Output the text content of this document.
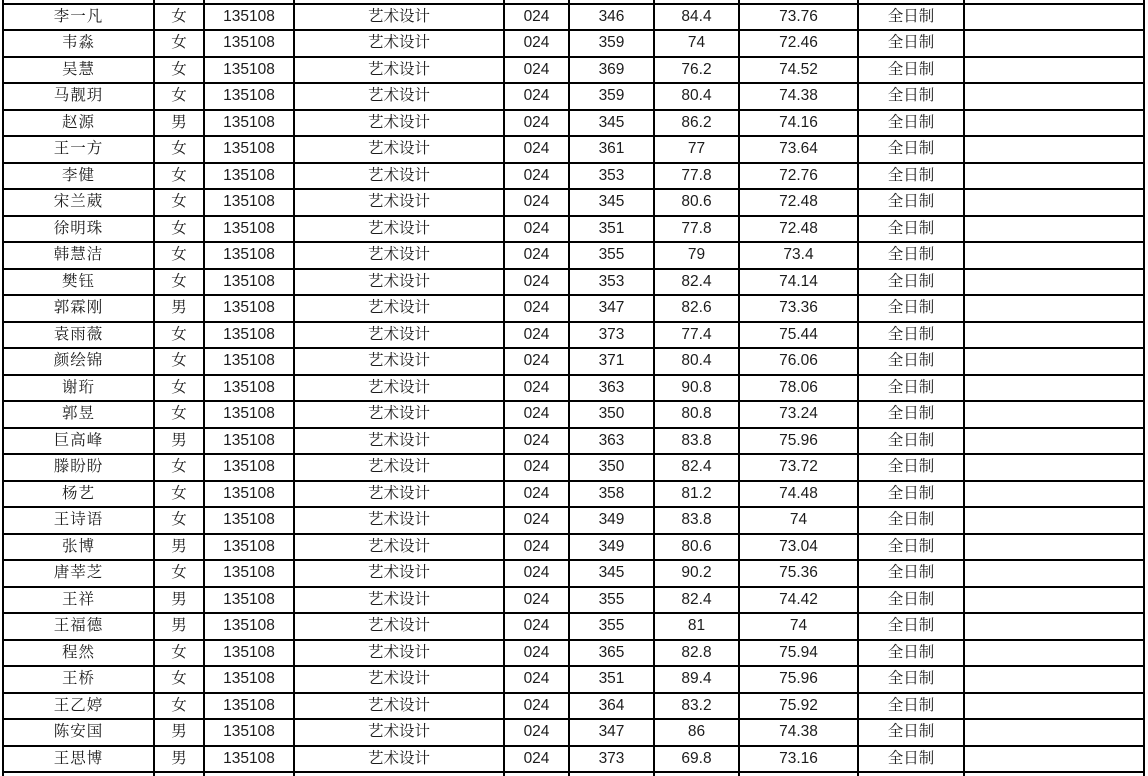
李一凡	女	135108	艺术设计	024	346	84.4	73.76	全日制	
韦淼	女	135108	艺术设计	024	359	74	72.46	全日制	
吴慧	女	135108	艺术设计	024	369	76.2	74.52	全日制	
马靓玥	女	135108	艺术设计	024	359	80.4	74.38	全日制	
赵源	男	135108	艺术设计	024	345	86.2	74.16	全日制	
王一方	女	135108	艺术设计	024	361	77	73.64	全日制	
李健	女	135108	艺术设计	024	353	77.8	72.76	全日制	
宋兰葳	女	135108	艺术设计	024	345	80.6	72.48	全日制	
徐明珠	女	135108	艺术设计	024	351	77.8	72.48	全日制	
韩慧洁	女	135108	艺术设计	024	355	79	73.4	全日制	
樊钰	女	135108	艺术设计	024	353	82.4	74.14	全日制	
郭霖刚	男	135108	艺术设计	024	347	82.6	73.36	全日制	
袁雨薇	女	135108	艺术设计	024	373	77.4	75.44	全日制	
颜绘锦	女	135108	艺术设计	024	371	80.4	76.06	全日制	
谢珩	女	135108	艺术设计	024	363	90.8	78.06	全日制	
郭昱	女	135108	艺术设计	024	350	80.8	73.24	全日制	
巨高峰	男	135108	艺术设计	024	363	83.8	75.96	全日制	
滕盼盼	女	135108	艺术设计	024	350	82.4	73.72	全日制	
杨艺	女	135108	艺术设计	024	358	81.2	74.48	全日制	
王诗语	女	135108	艺术设计	024	349	83.8	74	全日制	
张博	男	135108	艺术设计	024	349	80.6	73.04	全日制	
唐莘芝	女	135108	艺术设计	024	345	90.2	75.36	全日制	
王祥	男	135108	艺术设计	024	355	82.4	74.42	全日制	
王福德	男	135108	艺术设计	024	355	81	74	全日制	
程然	女	135108	艺术设计	024	365	82.8	75.94	全日制	
王桥	女	135108	艺术设计	024	351	89.4	75.96	全日制	
王乙婷	女	135108	艺术设计	024	364	83.2	75.92	全日制	
陈安国	男	135108	艺术设计	024	347	86	74.38	全日制	
王思博	男	135108	艺术设计	024	373	69.8	73.16	全日制	
